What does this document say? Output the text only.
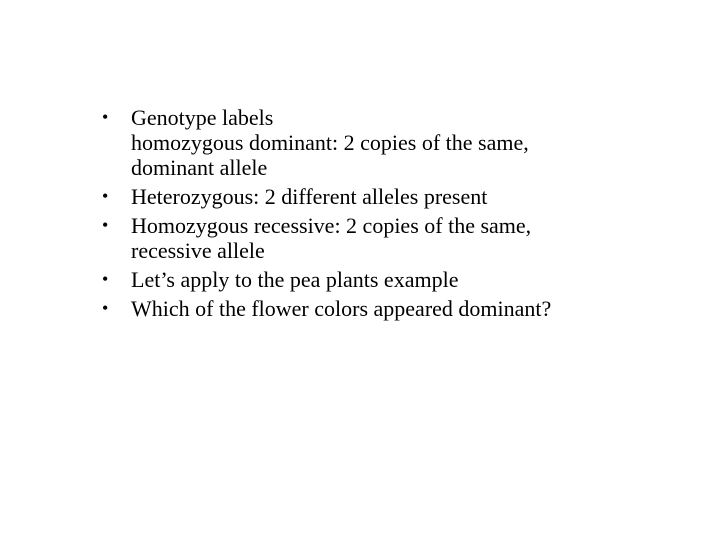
• Genotype labels
homozygous dominant: 2 copies of the same,
dominant allele
• Heterozygous: 2 different alleles present
• Homozygous recessive: 2 copies of the same,
recessive allele
• Let’s apply to the pea plants example
• Which of the flower colors appeared dominant?
